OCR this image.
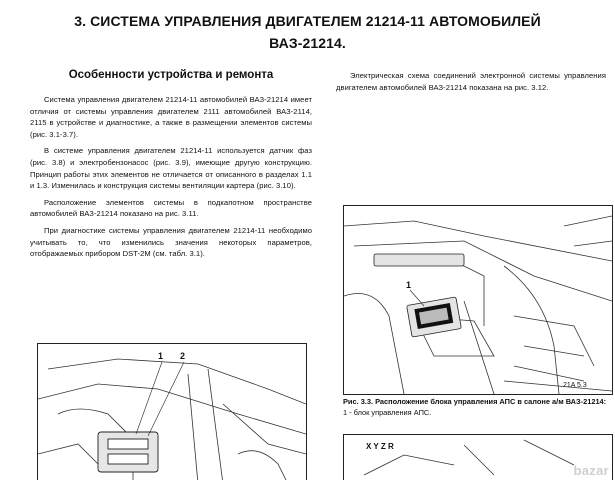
3. СИСТЕМА УПРАВЛЕНИЯ ДВИГАТЕЛЕМ 21214-11 АВТОМОБИЛЕЙ
ВАЗ-21214.
Особенности устройства и ремонта
Система управления двигателем 21214-11 автомобилей ВАЗ-21214 имеет отличия от системы управления двигателем 2111 автомобилей ВАЗ-2114, 2115 в устройстве и диагностике, а также в размещении элементов системы (рис. 3.1-3.7).
В системе управления двигателем 21214-11 используется датчик фаз (рис. 3.8) и электробензонасос (рис. 3.9), имеющие другую конструкцию. Принцип работы этих элементов не отличается от описанного в разделах 1.1 и 1.3. Изменилась и конструкция системы вентиляции картера (рис. 3.10).
Расположение элементов системы в подкапотном пространстве автомобилей ВАЗ-21214 показано на рис. 3.11.
При диагностике системы управления двигателем 21214-11 необходимо учитывать то, что изменились значения некоторых параметров, отображаемых прибором DST-2M (см. табл. 3.1).
1 2
Электрическая схема соединений электронной системы управления двигателем автомобилей ВАЗ-21214 показана на рис. 3.12.
1
21A 5.3
Рис. 3.3. Расположение блока управления АПС в салоне а/м ВАЗ-21214: 1 - блок управления АПС.
X Y Z R
bazar
